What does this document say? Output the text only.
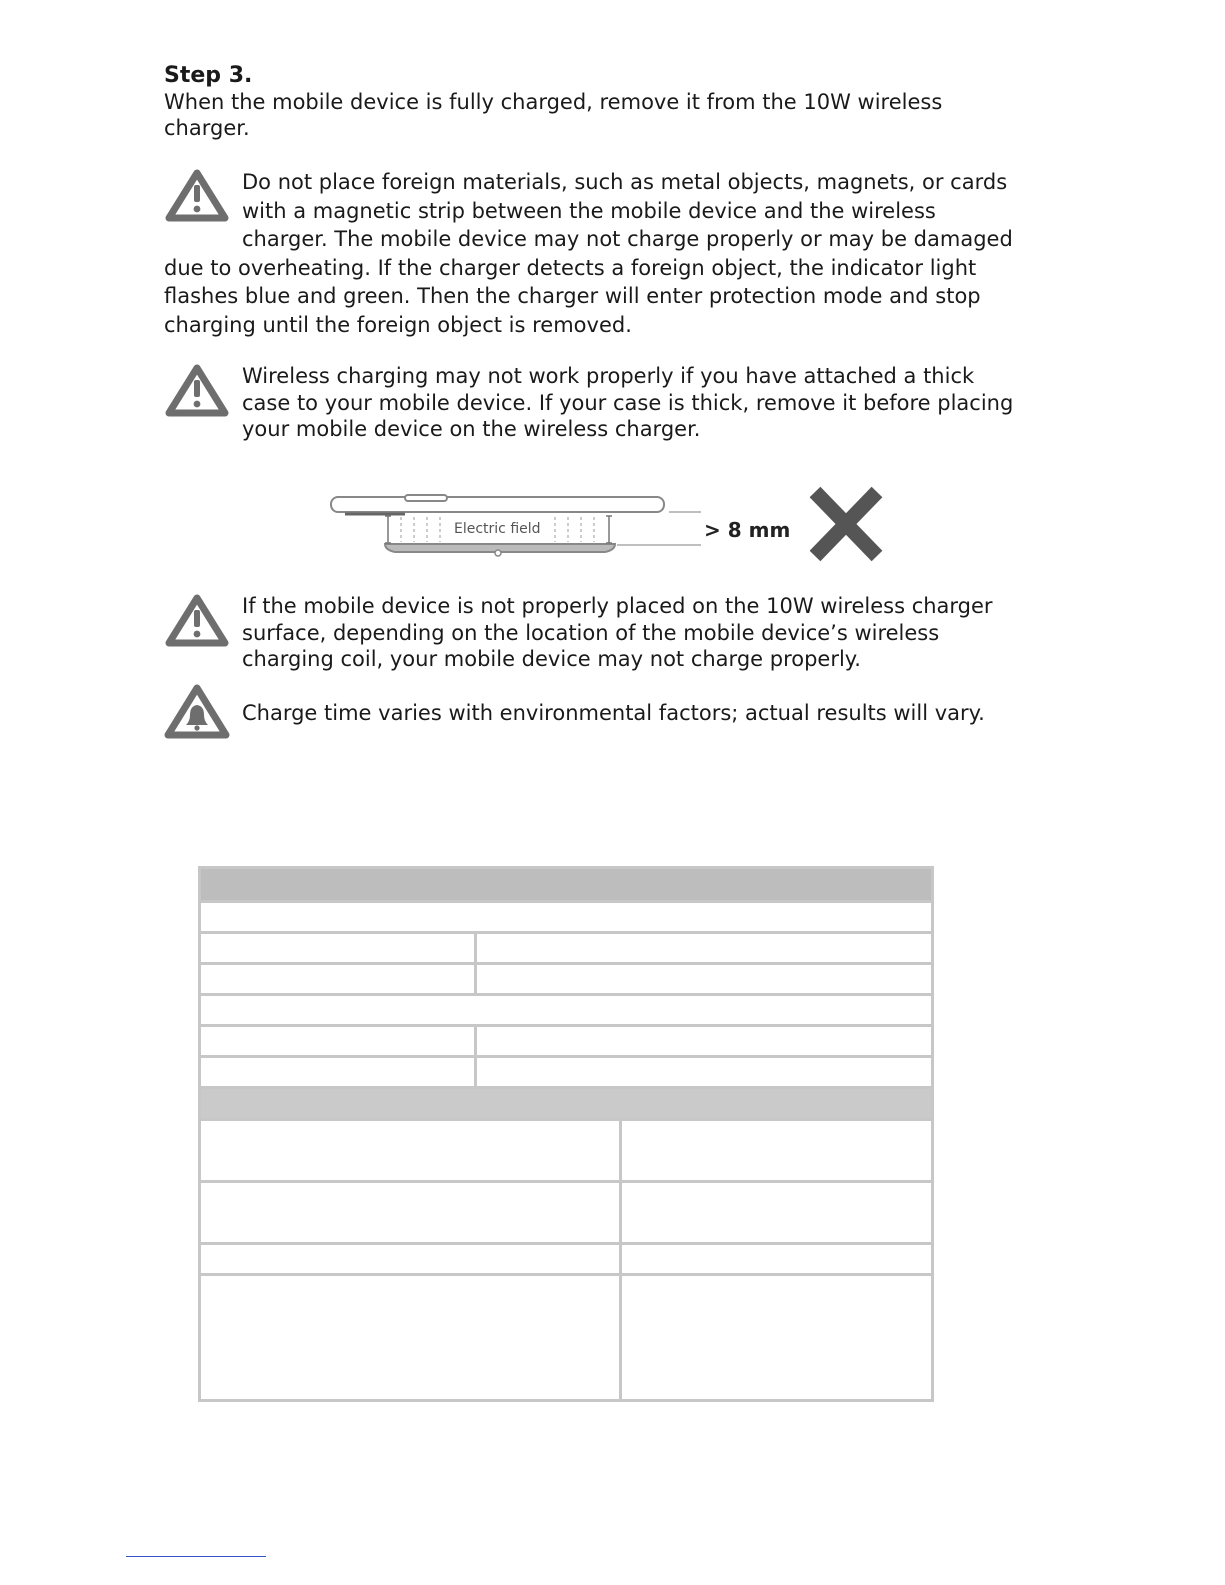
Step 3.
When the mobile device is fully charged, remove it from the 10W wireless charger.
Do not place foreign materials, such as metal objects, magnets, or cards with a magnetic strip between the mobile device and the wireless charger. The mobile device may not charge properly or may be damaged due to overheating. If the charger detects a foreign object, the indicator light flashes blue and green. Then the charger will enter protection mode and stop charging until the foreign object is removed.
Wireless charging may not work properly if you have attached a thick case to your mobile device. If your case is thick, remove it before placing your mobile device on the wireless charger.
Electric field	> 8 mm
If the mobile device is not properly placed on the 10W wireless charger surface, depending on the location of the mobile device’s wireless charging coil, your mobile device may not charge properly.
Charge time varies with environmental factors; actual results will vary.
